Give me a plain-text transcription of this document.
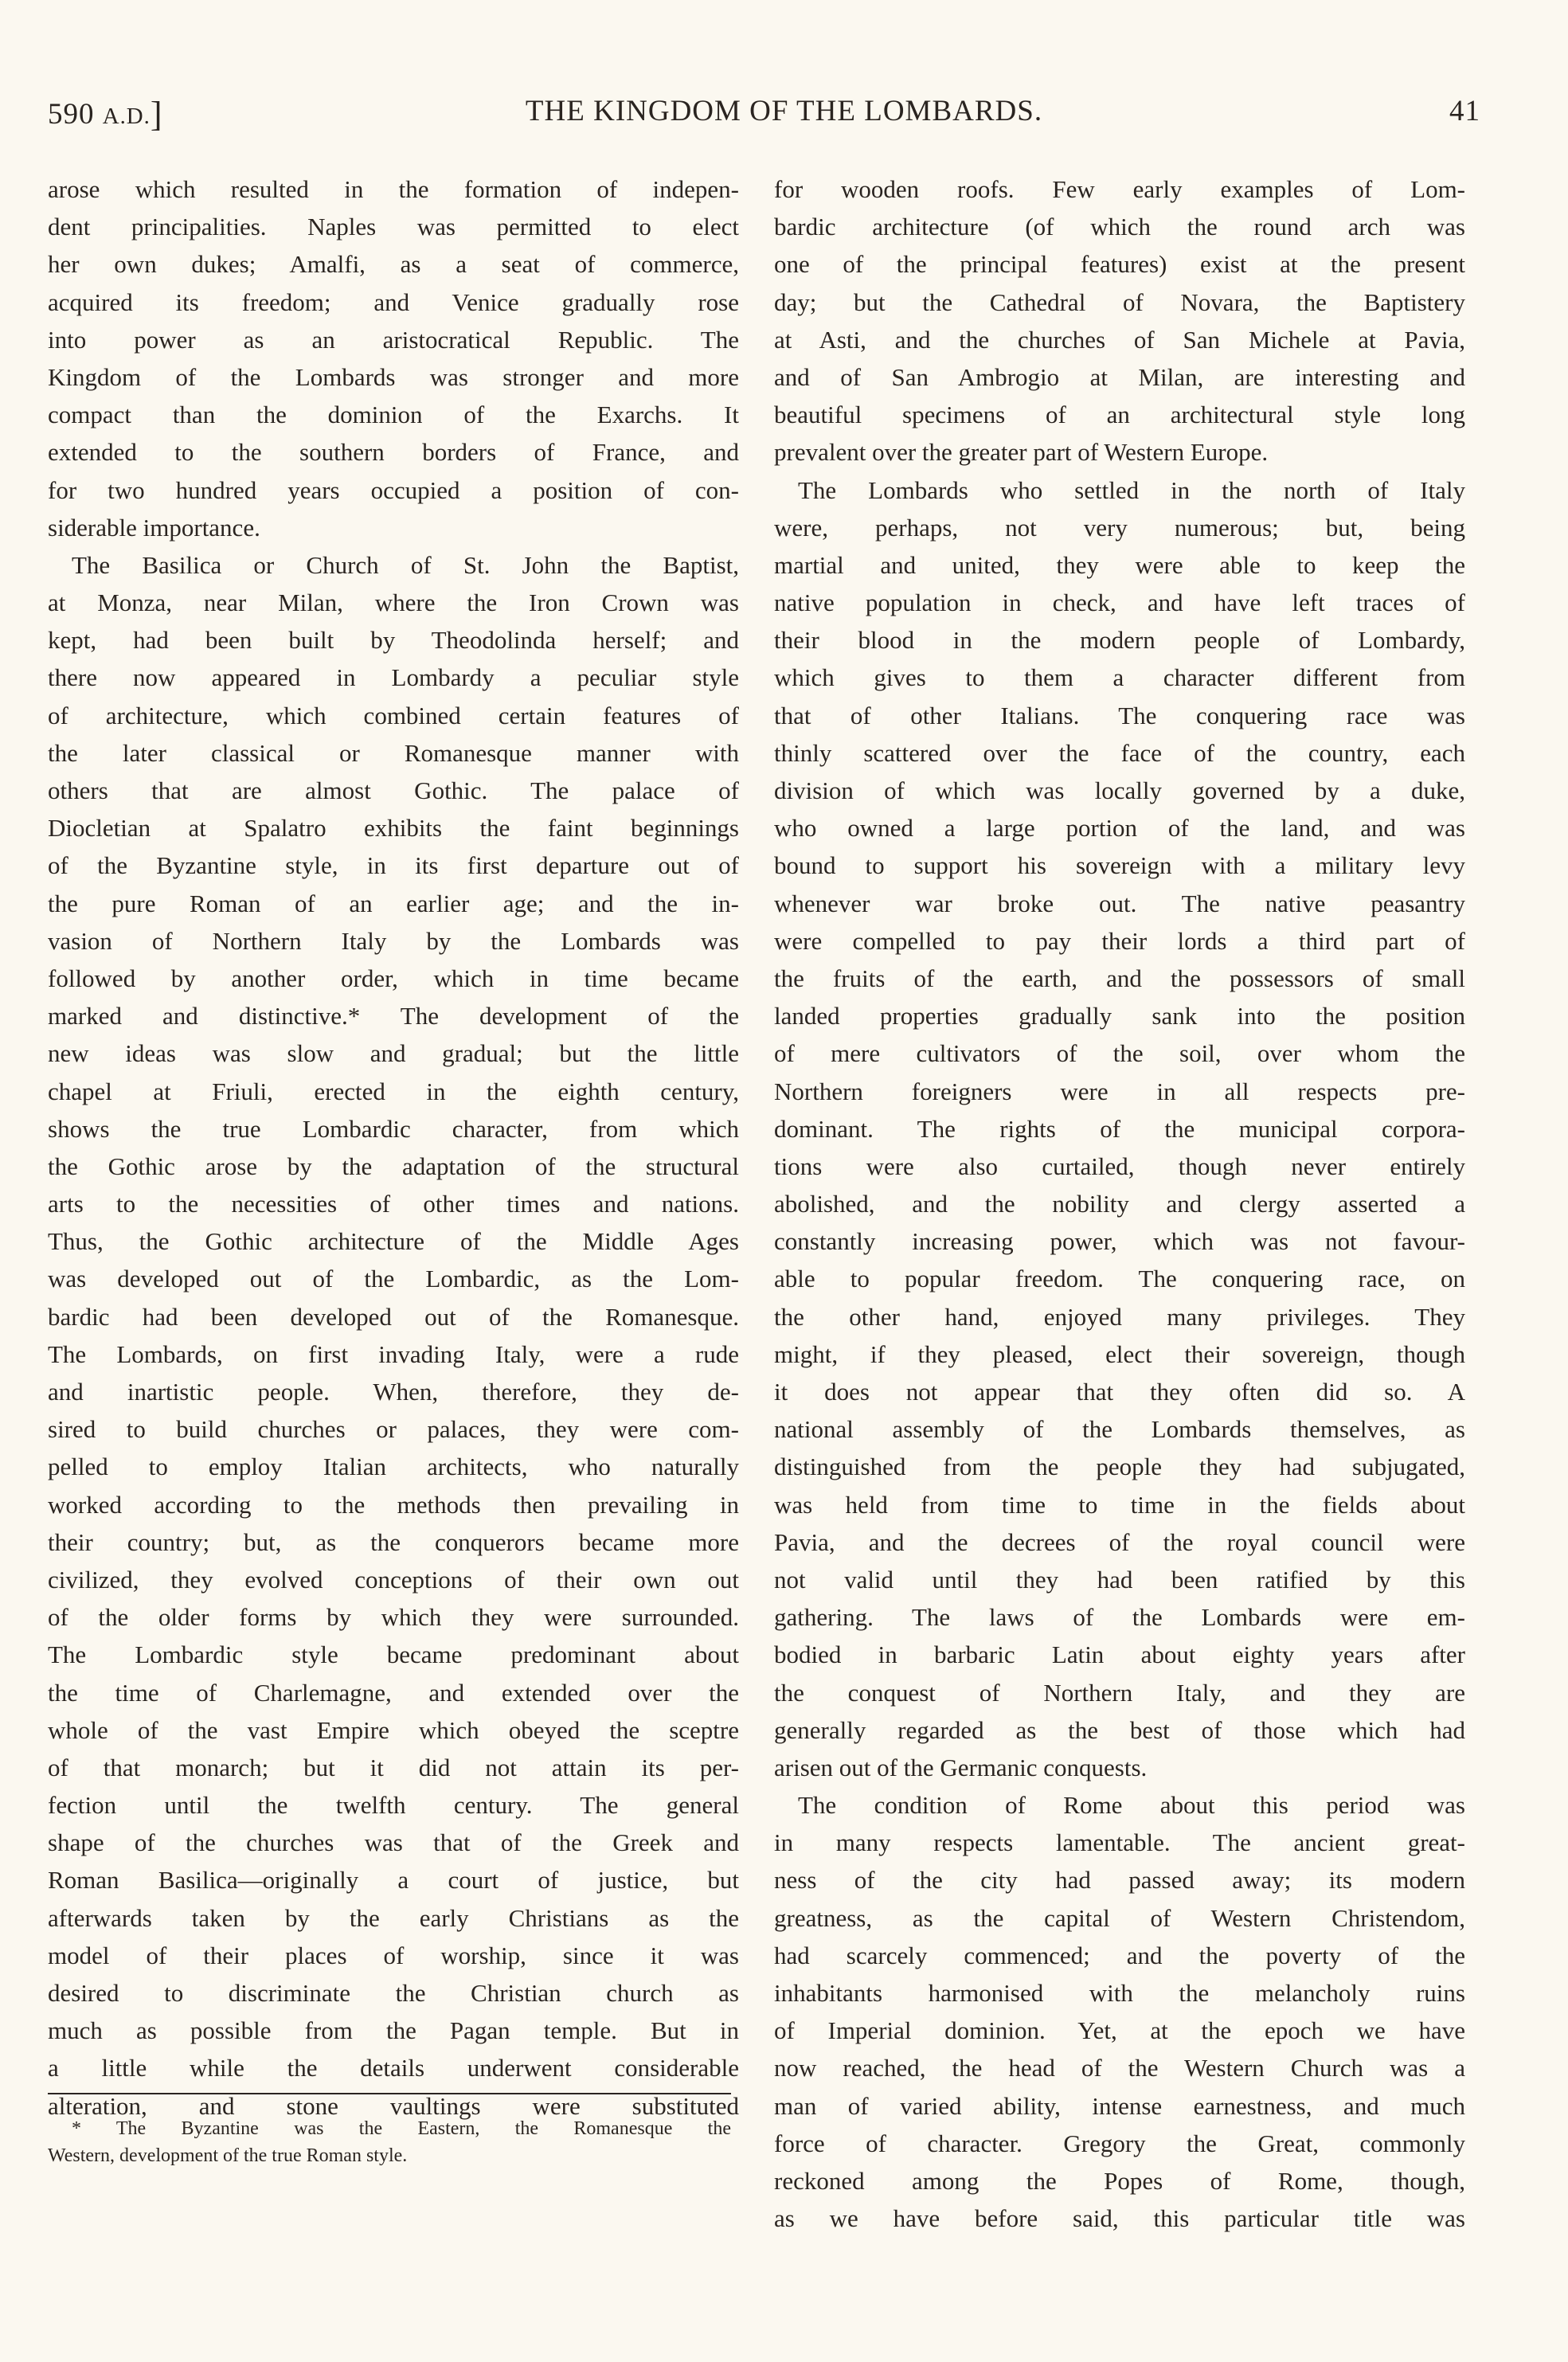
590 A.D.]	THE KINGDOM OF THE LOMBARDS.	41
arose which resulted in the formation of indepen-
dent principalities. Naples was permitted to elect
her own dukes; Amalfi, as a seat of commerce,
acquired its freedom; and Venice gradually rose
into power as an aristocratical Republic. The
Kingdom of the Lombards was stronger and more
compact than the dominion of the Exarchs. It
extended to the southern borders of France, and
for two hundred years occupied a position of con-
siderable importance.
The Basilica or Church of St. John the Baptist,
at Monza, near Milan, where the Iron Crown was
kept, had been built by Theodolinda herself; and
there now appeared in Lombardy a peculiar style
of architecture, which combined certain features of
the later classical or Romanesque manner with
others that are almost Gothic. The palace of
Diocletian at Spalatro exhibits the faint beginnings
of the Byzantine style, in its first departure out of
the pure Roman of an earlier age; and the in-
vasion of Northern Italy by the Lombards was
followed by another order, which in time became
marked and distinctive.* The development of the
new ideas was slow and gradual; but the little
chapel at Friuli, erected in the eighth century,
shows the true Lombardic character, from which
the Gothic arose by the adaptation of the structural
arts to the necessities of other times and nations.
Thus, the Gothic architecture of the Middle Ages
was developed out of the Lombardic, as the Lom-
bardic had been developed out of the Romanesque.
The Lombards, on first invading Italy, were a rude
and inartistic people. When, therefore, they de-
sired to build churches or palaces, they were com-
pelled to employ Italian architects, who naturally
worked according to the methods then prevailing in
their country; but, as the conquerors became more
civilized, they evolved conceptions of their own out
of the older forms by which they were surrounded.
The Lombardic style became predominant about
the time of Charlemagne, and extended over the
whole of the vast Empire which obeyed the sceptre
of that monarch; but it did not attain its per-
fection until the twelfth century. The general
shape of the churches was that of the Greek and
Roman Basilica—originally a court of justice, but
afterwards taken by the early Christians as the
model of their places of worship, since it was
desired to discriminate the Christian church as
much as possible from the Pagan temple. But in
a little while the details underwent considerable
alteration, and stone vaultings were substituted
for wooden roofs. Few early examples of Lom-
bardic architecture (of which the round arch was
one of the principal features) exist at the present
day; but the Cathedral of Novara, the Baptistery
at Asti, and the churches of San Michele at Pavia,
and of San Ambrogio at Milan, are interesting and
beautiful specimens of an architectural style long
prevalent over the greater part of Western Europe.
The Lombards who settled in the north of Italy
were, perhaps, not very numerous; but, being
martial and united, they were able to keep the
native population in check, and have left traces of
their blood in the modern people of Lombardy,
which gives to them a character different from
that of other Italians. The conquering race was
thinly scattered over the face of the country, each
division of which was locally governed by a duke,
who owned a large portion of the land, and was
bound to support his sovereign with a military levy
whenever war broke out. The native peasantry
were compelled to pay their lords a third part of
the fruits of the earth, and the possessors of small
landed properties gradually sank into the position
of mere cultivators of the soil, over whom the
Northern foreigners were in all respects pre-
dominant. The rights of the municipal corpora-
tions were also curtailed, though never entirely
abolished, and the nobility and clergy asserted a
constantly increasing power, which was not favour-
able to popular freedom. The conquering race, on
the other hand, enjoyed many privileges. They
might, if they pleased, elect their sovereign, though
it does not appear that they often did so. A
national assembly of the Lombards themselves, as
distinguished from the people they had subjugated,
was held from time to time in the fields about
Pavia, and the decrees of the royal council were
not valid until they had been ratified by this
gathering. The laws of the Lombards were em-
bodied in barbaric Latin about eighty years after
the conquest of Northern Italy, and they are
generally regarded as the best of those which had
arisen out of the Germanic conquests.
The condition of Rome about this period was
in many respects lamentable. The ancient great-
ness of the city had passed away; its modern
greatness, as the capital of Western Christendom,
had scarcely commenced; and the poverty of the
inhabitants harmonised with the melancholy ruins
of Imperial dominion. Yet, at the epoch we have
now reached, the head of the Western Church was a
man of varied ability, intense earnestness, and much
force of character. Gregory the Great, commonly
reckoned among the Popes of Rome, though,
as we have before said, this particular title was
* The Byzantine was the Eastern, the Romanesque the
Western, development of the true Roman style.
